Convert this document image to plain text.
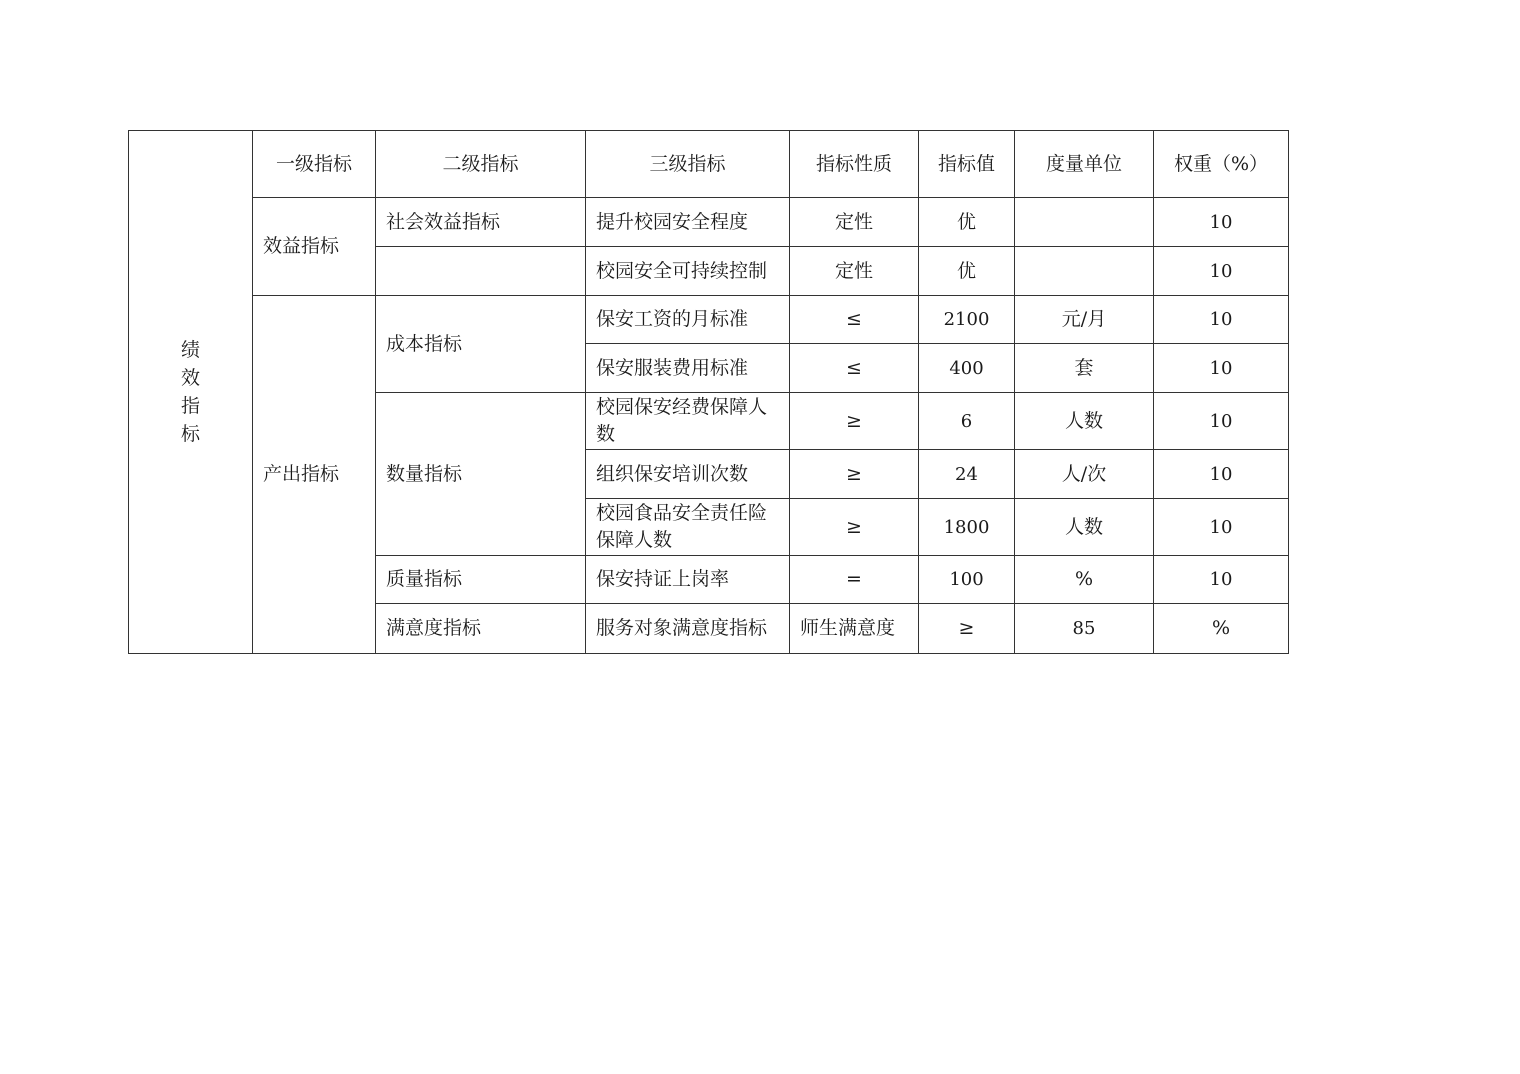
绩效指标	一级指标	二级指标	三级指标	指标性质	指标值	度量单位	权重（%）	
	效益指标	社会效益指标	提升校园安全程度	定性	优		10	
			校园安全可持续控制	定性	优		10	
	产出指标	成本指标	保安工资的月标准	≤	2100	元/月	10	
			保安服装费用标准	≤	400	套	10	
		数量指标	校园保安经费保障人数	≥	6	人数	10	
			组织保安培训次数	≥	24	人/次	10	
			校园食品安全责任险保障人数	≥	1800	人数	10	
		质量指标	保安持证上岗率	=	100	%	10	
		满意度指标	服务对象满意度指标	师生满意度	≥	85	%	
